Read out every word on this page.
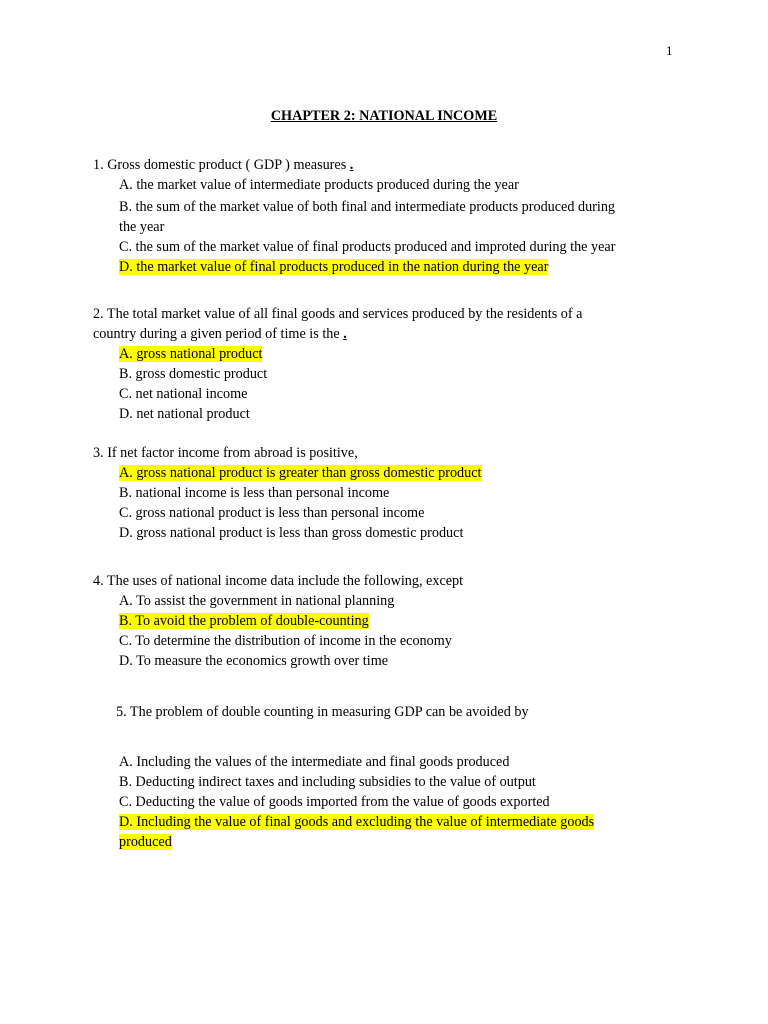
1
CHAPTER 2: NATIONAL INCOME

1. Gross domestic product ( GDP ) measures .

A. the market value of intermediate products produced during the year

B. the sum of the market value of both final and intermediate products produced during
the year

C. the sum of the market value of final products produced and improted during the year

D. the market value of final products produced in the nation during the year

2. The total market value of all final goods and services produced by the residents of a
country during a given period of time is the .

A. gross national product

B. gross domestic product

C. net national income

D. net national product

3. If net factor income from abroad is positive,

A. gross national product is greater than gross domestic product

B. national income is less than personal income

C. gross national product is less than personal income

D. gross national product is less than gross domestic product

4. The uses of national income data include the following, except

A. To assist the government in national planning

B. To avoid the problem of double-counting

C. To determine the distribution of income in the economy

D. To measure the economics growth over time

5. The problem of double counting in measuring GDP can be avoided by

A. Including the values of the intermediate and final goods produced

B. Deducting indirect taxes and including subsidies to the value of output

C. Deducting the value of goods imported from the value of goods exported

D. Including the value of final goods and excluding the value of intermediate goods
produced
